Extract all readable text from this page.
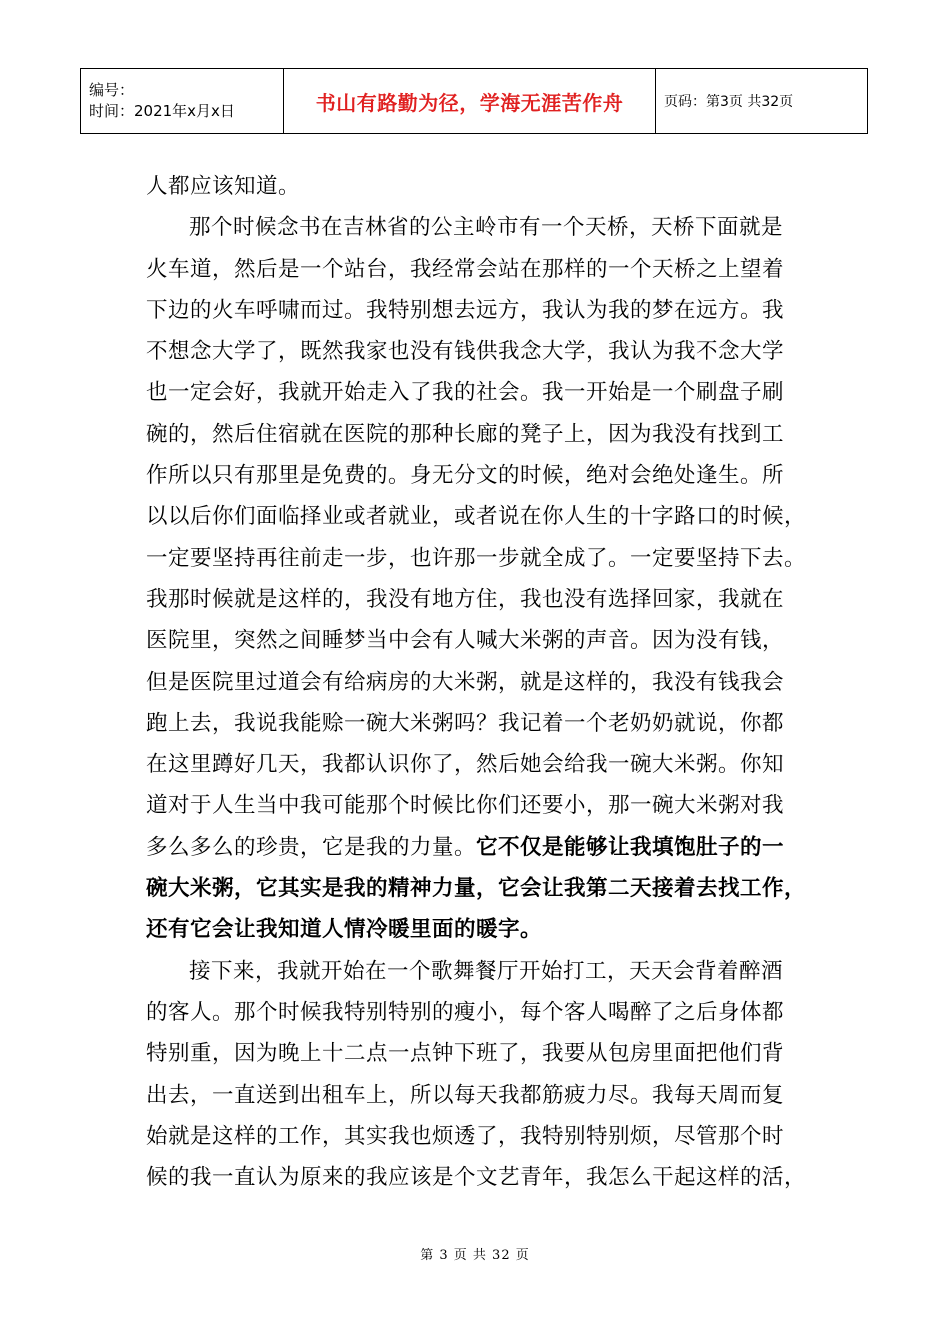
编号：
时间：2021年x月x日	书山有路勤为径，学海无涯苦作舟	页码：第3页 共32页
人都应该知道。
那个时候念书在吉林省的公主岭市有一个天桥，天桥下面就是
火车道，然后是一个站台，我经常会站在那样的一个天桥之上望着
下边的火车呼啸而过。我特别想去远方，我认为我的梦在远方。我
不想念大学了，既然我家也没有钱供我念大学，我认为我不念大学
也一定会好，我就开始走入了我的社会。我一开始是一个刷盘子刷
碗的，然后住宿就在医院的那种长廊的凳子上，因为我没有找到工
作所以只有那里是免费的。身无分文的时候，绝对会绝处逢生。所
以以后你们面临择业或者就业，或者说在你人生的十字路口的时候，
一定要坚持再往前走一步，也许那一步就全成了。一定要坚持下去。
我那时候就是这样的，我没有地方住，我也没有选择回家，我就在
医院里，突然之间睡梦当中会有人喊大米粥的声音。因为没有钱，
但是医院里过道会有给病房的大米粥，就是这样的，我没有钱我会
跑上去，我说我能赊一碗大米粥吗？我记着一个老奶奶就说，你都
在这里蹲好几天，我都认识你了，然后她会给我一碗大米粥。你知
道对于人生当中我可能那个时候比你们还要小，那一碗大米粥对我
多么多么的珍贵，它是我的力量。它不仅是能够让我填饱肚子的一
碗大米粥，它其实是我的精神力量，它会让我第二天接着去找工作，
还有它会让我知道人情冷暖里面的暖字。
接下来，我就开始在一个歌舞餐厅开始打工，天天会背着醉酒
的客人。那个时候我特别特别的瘦小，每个客人喝醉了之后身体都
特别重，因为晚上十二点一点钟下班了，我要从包房里面把他们背
出去，一直送到出租车上，所以每天我都筋疲力尽。我每天周而复
始就是这样的工作，其实我也烦透了，我特别特别烦，尽管那个时
候的我一直认为原来的我应该是个文艺青年，我怎么干起这样的活，
第 3 页 共 32 页
